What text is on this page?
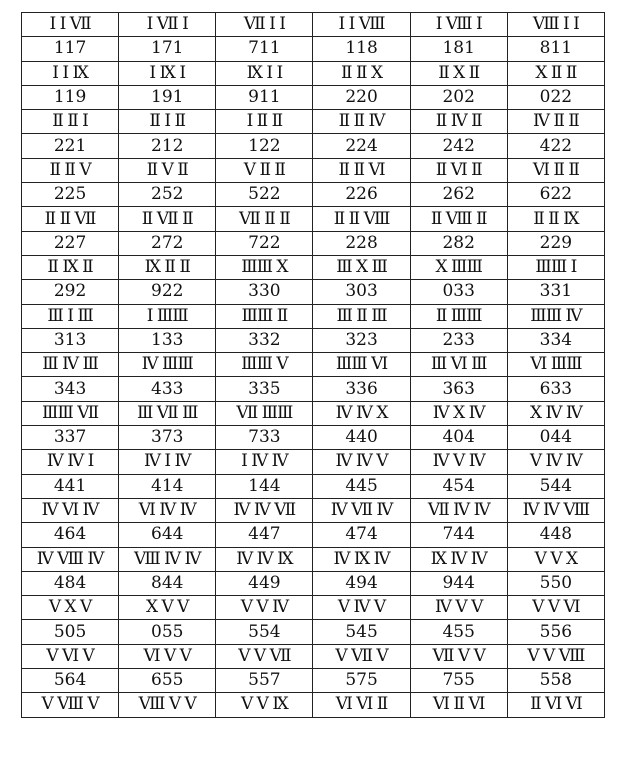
Ⅰ Ⅰ Ⅶ	Ⅰ Ⅶ Ⅰ	Ⅶ Ⅰ Ⅰ	Ⅰ Ⅰ Ⅷ	Ⅰ Ⅷ Ⅰ	Ⅷ Ⅰ Ⅰ
117	171	711	118	181	811
Ⅰ Ⅰ Ⅸ	Ⅰ Ⅸ Ⅰ	Ⅸ Ⅰ Ⅰ	Ⅱ Ⅱ Ⅹ	Ⅱ Ⅹ Ⅱ	Ⅹ Ⅱ Ⅱ
119	191	911	220	202	022
Ⅱ Ⅱ Ⅰ	Ⅱ Ⅰ Ⅱ	Ⅰ Ⅱ Ⅱ	Ⅱ Ⅱ Ⅳ	Ⅱ Ⅳ Ⅱ	Ⅳ Ⅱ Ⅱ
221	212	122	224	242	422
Ⅱ Ⅱ Ⅴ	Ⅱ Ⅴ Ⅱ	Ⅴ Ⅱ Ⅱ	Ⅱ Ⅱ Ⅵ	Ⅱ Ⅵ Ⅱ	Ⅵ Ⅱ Ⅱ
225	252	522	226	262	622
Ⅱ Ⅱ Ⅶ	Ⅱ Ⅶ Ⅱ	Ⅶ Ⅱ Ⅱ	Ⅱ Ⅱ Ⅷ	Ⅱ Ⅷ Ⅱ	Ⅱ Ⅱ Ⅸ
227	272	722	228	282	229
Ⅱ Ⅸ Ⅱ	Ⅸ Ⅱ Ⅱ	ⅢⅢ Ⅹ	Ⅲ Ⅹ Ⅲ	Ⅹ ⅢⅢ	ⅢⅢ Ⅰ
292	922	330	303	033	331
Ⅲ Ⅰ Ⅲ	Ⅰ ⅢⅢ	ⅢⅢ Ⅱ	Ⅲ Ⅱ Ⅲ	Ⅱ ⅢⅢ	ⅢⅢ Ⅳ
313	133	332	323	233	334
Ⅲ Ⅳ Ⅲ	Ⅳ ⅢⅢ	ⅢⅢ Ⅴ	ⅢⅢ Ⅵ	Ⅲ Ⅵ Ⅲ	Ⅵ ⅢⅢ
343	433	335	336	363	633
ⅢⅢ Ⅶ	Ⅲ Ⅶ Ⅲ	Ⅶ ⅢⅢ	Ⅳ Ⅳ Ⅹ	Ⅳ Ⅹ Ⅳ	Ⅹ Ⅳ Ⅳ
337	373	733	440	404	044
Ⅳ Ⅳ Ⅰ	Ⅳ Ⅰ Ⅳ	Ⅰ Ⅳ Ⅳ	Ⅳ Ⅳ Ⅴ	Ⅳ Ⅴ Ⅳ	Ⅴ Ⅳ Ⅳ
441	414	144	445	454	544
Ⅳ Ⅵ Ⅳ	Ⅵ Ⅳ Ⅳ	Ⅳ Ⅳ Ⅶ	Ⅳ Ⅶ Ⅳ	Ⅶ Ⅳ Ⅳ	Ⅳ Ⅳ Ⅷ
464	644	447	474	744	448
Ⅳ Ⅷ Ⅳ	Ⅷ Ⅳ Ⅳ	Ⅳ Ⅳ Ⅸ	Ⅳ Ⅸ Ⅳ	Ⅸ Ⅳ Ⅳ	Ⅴ Ⅴ Ⅹ
484	844	449	494	944	550
Ⅴ Ⅹ Ⅴ	Ⅹ Ⅴ Ⅴ	Ⅴ Ⅴ Ⅳ	Ⅴ Ⅳ Ⅴ	Ⅳ Ⅴ Ⅴ	Ⅴ Ⅴ Ⅵ
505	055	554	545	455	556
Ⅴ Ⅵ Ⅴ	Ⅵ Ⅴ Ⅴ	Ⅴ Ⅴ Ⅶ	Ⅴ Ⅶ Ⅴ	Ⅶ Ⅴ Ⅴ	Ⅴ Ⅴ Ⅷ
564	655	557	575	755	558
Ⅴ Ⅷ Ⅴ	Ⅷ Ⅴ Ⅴ	Ⅴ Ⅴ Ⅸ	Ⅵ Ⅵ Ⅱ	Ⅵ Ⅱ Ⅵ	Ⅱ Ⅵ Ⅵ
